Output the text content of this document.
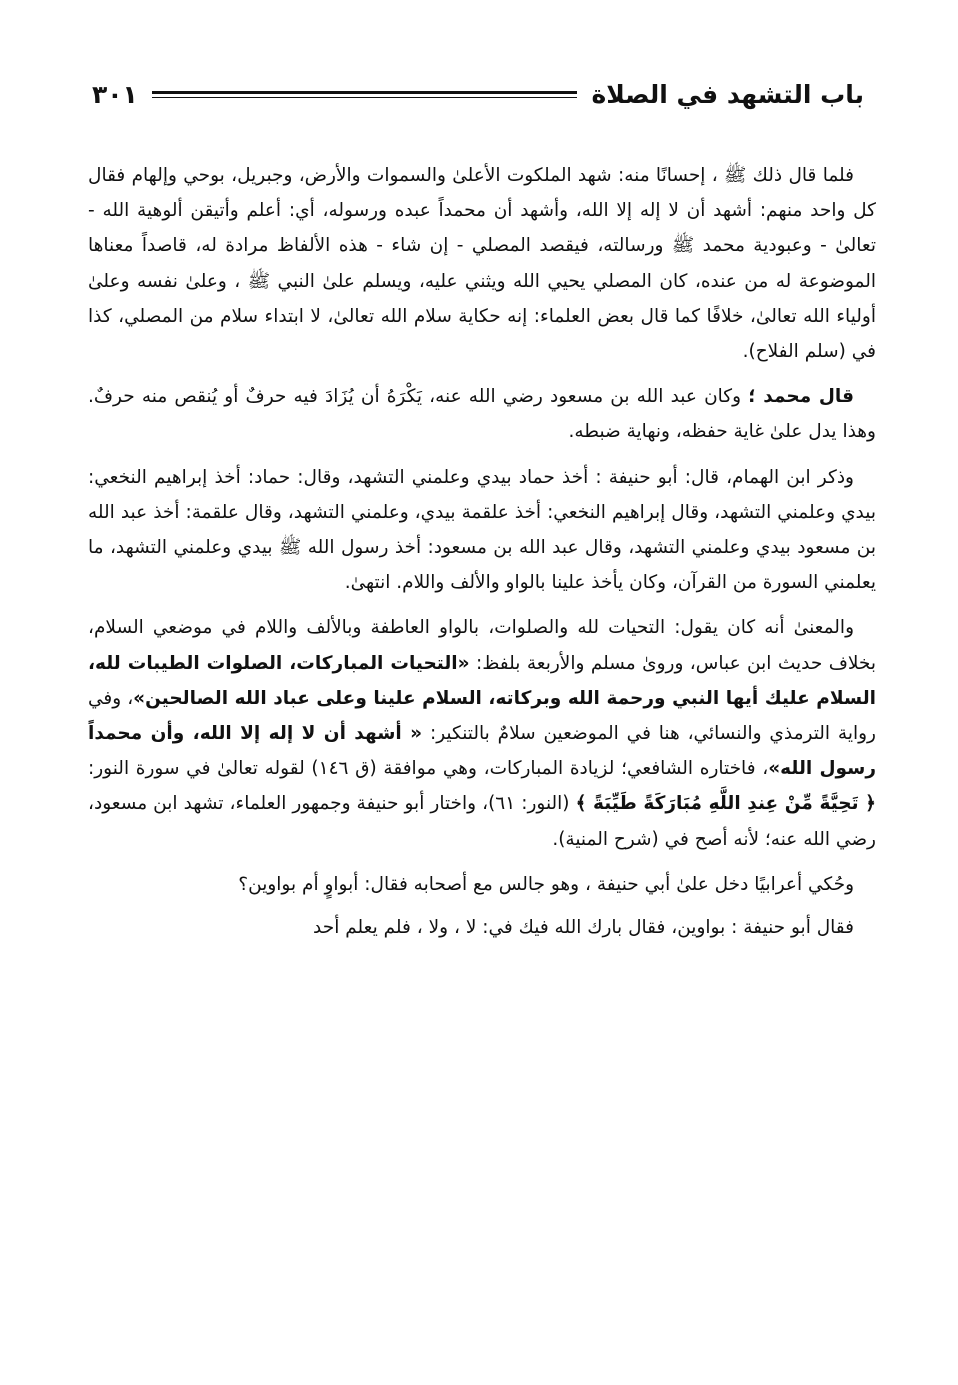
باب التشهد في الصلاة
٣٠١

فلما قال ذلك ﷺ ، إحسانًا منه: شهد الملكوت الأعلىٰ والسموات والأرض، وجبريل، بوحي وإلهام فقال كل واحد منهم: أشهد أن لا إله إلا الله، وأشهد أن محمداً عبده ورسوله، أي: أعلم وأتيقن ألوهية الله - تعالىٰ - وعبودية محمد ﷺ ورسالته، فيقصد المصلي - إن شاء - هذه الألفاظ مرادة له، قاصداً معناها الموضوعة له من عنده، كان المصلي يحيي الله ويثني عليه، ويسلم علىٰ النبي ﷺ ، وعلىٰ نفسه وعلىٰ أولياء الله تعالىٰ، خلافًا كما قال بعض العلماء: إنه حكاية سلام الله تعالىٰ، لا ابتداء سلام من المصلي، كذا في (سلم الفلاح).

قال محمد ؛ وكان عبد الله بن مسعود رضي الله عنه، يَكْرَهُ أن يُزَادَ فيه حرفٌ أو يُنقص منه حرفٌ. وهذا يدل علىٰ غاية حفظه، ونهاية ضبطه.

وذكر ابن الهمام، قال: أبو حنيفة : أخذ حماد بيدي وعلمني التشهد، وقال: حماد: أخذ إبراهيم النخعي: بيدي وعلمني التشهد، وقال إبراهيم النخعي: أخذ علقمة بيدي، وعلمني التشهد، وقال علقمة: أخذ عبد الله بن مسعود بيدي وعلمني التشهد، وقال عبد الله بن مسعود: أخذ رسول الله ﷺ بيدي وعلمني التشهد، ما يعلمني السورة من القرآن، وكان يأخذ علينا بالواو والألف واللام. انتهىٰ.

والمعنىٰ أنه كان يقول: التحيات لله والصلوات، بالواو العاطفة وبالألف واللام في موضعي السلام، بخلاف حديث ابن عباس، ورویٰ مسلم والأربعة بلفظ: «التحيات المباركات، الصلوات الطيبات لله، السلام عليك أيها النبي ورحمة الله وبركاته، السلام علينا وعلى عباد الله الصالحين»، وفي رواية الترمذي والنسائي، هنا في الموضعين سلامٌ بالتنكير: « أشهد أن لا إله إلا الله، وأن محمداً رسول الله»، فاختاره الشافعي؛ لزيادة المباركات، وهي موافقة (ق ١٤٦) لقوله تعالىٰ في سورة النور: ﴿ تَحِيَّةً مِّنْ عِندِ اللَّهِ مُبَارَكَةً طَيِّبَةً ﴾ (النور: ٦١)، واختار أبو حنيفة وجمهور العلماء، تشهد ابن مسعود، رضي الله عنه؛ لأنه أصح في (شرح المنية).

وحُكي أعرابيًا دخل علىٰ أبي حنيفة ، وهو جالس مع أصحابه فقال: أبواوٍ أم بواوين؟

فقال أبو حنيفة : بواوين، فقال بارك الله فيك في: لا ، ولا ، فلم يعلم أحد
